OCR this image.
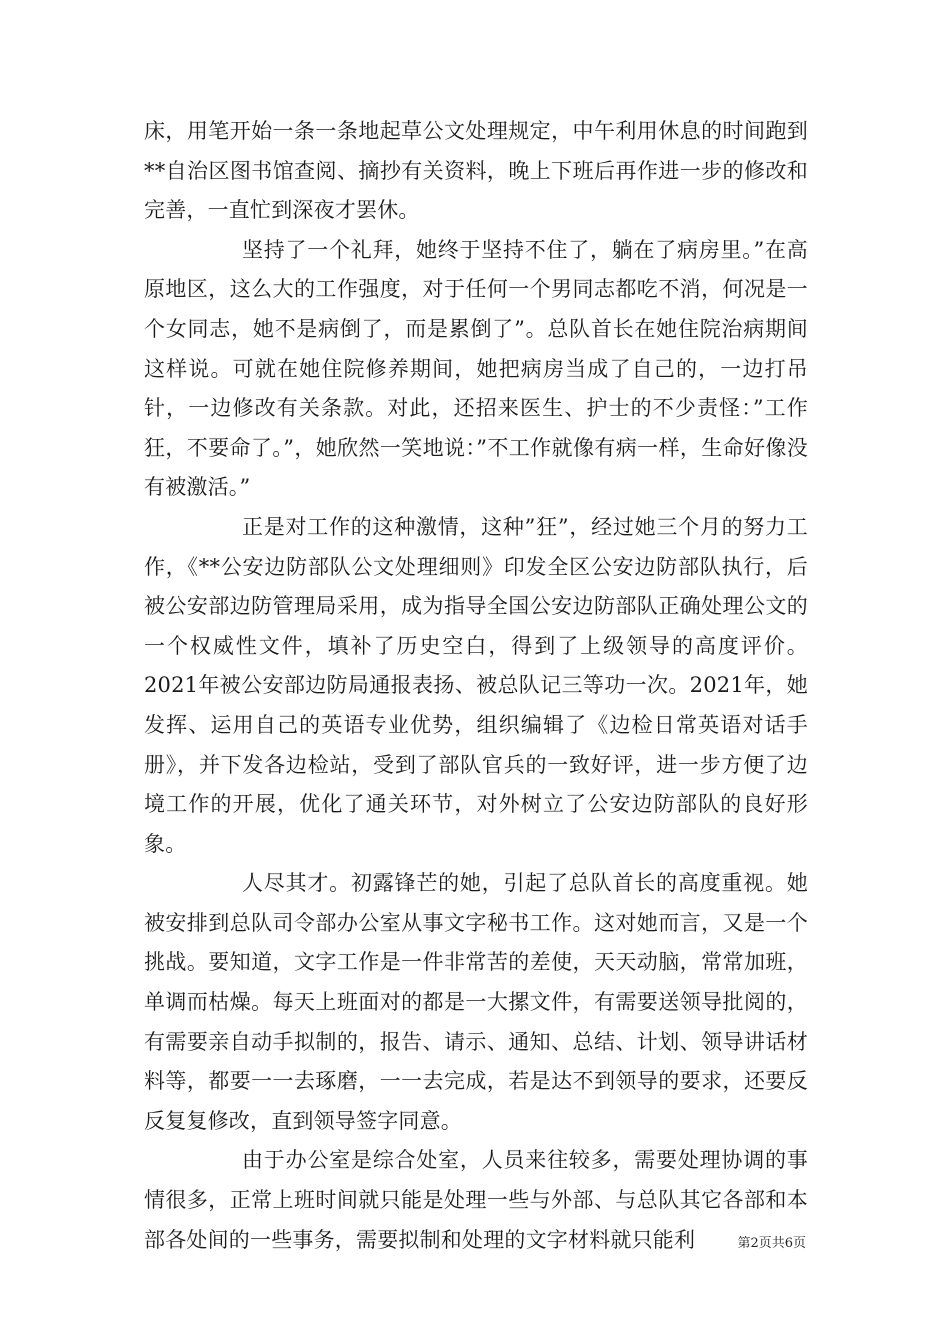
床，用笔开始一条一条地起草公文处理规定，中午利用休息的时间跑到**自治区图书馆查阅、摘抄有关资料，晚上下班后再作进一步的修改和完善，一直忙到深夜才罢休。

坚持了一个礼拜，她终于坚持不住了，躺在了病房里。”在高原地区，这么大的工作强度，对于任何一个男同志都吃不消，何况是一个女同志，她不是病倒了，而是累倒了”。总队首长在她住院治病期间这样说。可就在她住院修养期间，她把病房当成了自己的，一边打吊针，一边修改有关条款。对此，还招来医生、护士的不少责怪：”工作狂，不要命了。”，她欣然一笑地说：”不工作就像有病一样，生命好像没有被激活。”

正是对工作的这种激情，这种”狂”，经过她三个月的努力工作，《**公安边防部队公文处理细则》印发全区公安边防部队执行，后被公安部边防管理局采用，成为指导全国公安边防部队正确处理公文的一个权威性文件，填补了历史空白，得到了上级领导的高度评价。2021年被公安部边防局通报表扬、被总队记三等功一次。2021年，她发挥、运用自己的英语专业优势，组织编辑了《边检日常英语对话手册》，并下发各边检站，受到了部队官兵的一致好评，进一步方便了边境工作的开展，优化了通关环节，对外树立了公安边防部队的良好形象。

人尽其才。初露锋芒的她，引起了总队首长的高度重视。她被安排到总队司令部办公室从事文字秘书工作。这对她而言，又是一个挑战。要知道，文字工作是一件非常苦的差使，天天动脑，常常加班，单调而枯燥。每天上班面对的都是一大摞文件，有需要送领导批阅的，有需要亲自动手拟制的，报告、请示、通知、总结、计划、领导讲话材料等，都要一一去琢磨，一一去完成，若是达不到领导的要求，还要反反复复修改，直到领导签字同意。

由于办公室是综合处室，人员来往较多，需要处理协调的事情很多，正常上班时间就只能是处理一些与外部、与总队其它各部和本部各处间的一些事务，需要拟制和处理的文字材料就只能利	第2页共6页
